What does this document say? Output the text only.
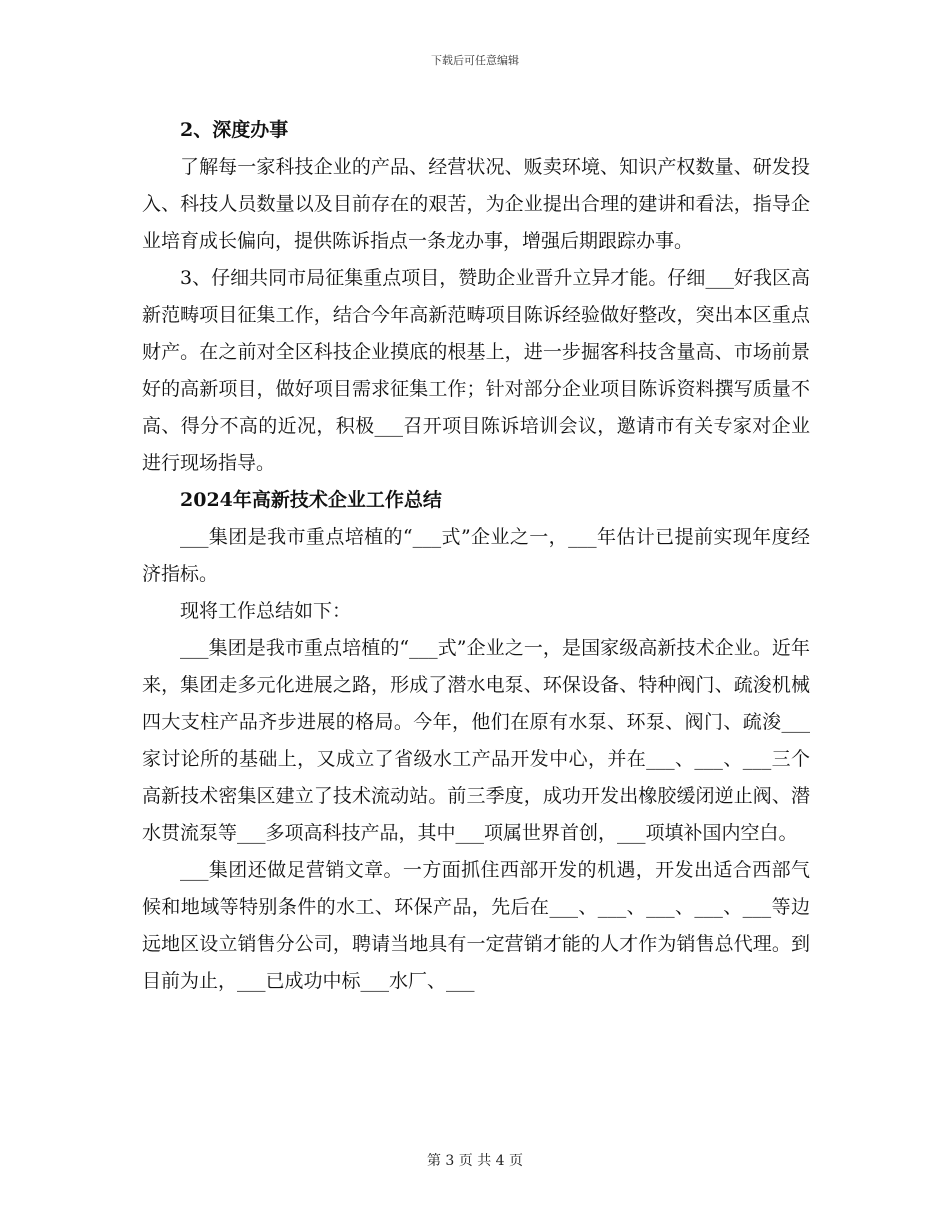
下载后可任意编辑

2、深度办事

了解每一家科技企业的产品、经营状况、贩卖环境、知识产权数量、研发投入、科技人员数量以及目前存在的艰苦，为企业提出合理的建讲和看法，指导企业培育成长偏向，提供陈诉指点一条龙办事，增强后期跟踪办事。

3、仔细共同市局征集重点项目，赞助企业晋升立异才能。仔细___好我区高新范畴项目征集工作，结合今年高新范畴项目陈诉经验做好整改，突出本区重点财产。在之前对全区科技企业摸底的根基上，进一步掘客科技含量高、市场前景好的高新项目，做好项目需求征集工作；针对部分企业项目陈诉资料撰写质量不高、得分不高的近况，积极___召开项目陈诉培训会议，邀请市有关专家对企业进行现场指导。

2024年高新技术企业工作总结

___集团是我市重点培植的“___式”企业之一，___年估计已提前实现年度经济指标。

现将工作总结如下：

___集团是我市重点培植的“___式”企业之一，是国家级高新技术企业。近年来，集团走多元化进展之路，形成了潜水电泵、环保设备、特种阀门、疏浚机械四大支柱产品齐步进展的格局。今年，他们在原有水泵、环泵、阀门、疏浚___家讨论所的基础上，又成立了省级水工产品开发中心，并在___、___、___三个高新技术密集区建立了技术流动站。前三季度，成功开发出橡胶缓闭逆止阀、潜水贯流泵等___多项高科技产品，其中___项属世界首创，___项填补国内空白。

___集团还做足营销文章。一方面抓住西部开发的机遇，开发出适合西部气候和地域等特别条件的水工、环保产品，先后在___、___、___、___、___等边远地区设立销售分公司，聘请当地具有一定营销才能的人才作为销售总代理。到目前为止，___已成功中标___水厂、___

第 3 页 共 4 页
